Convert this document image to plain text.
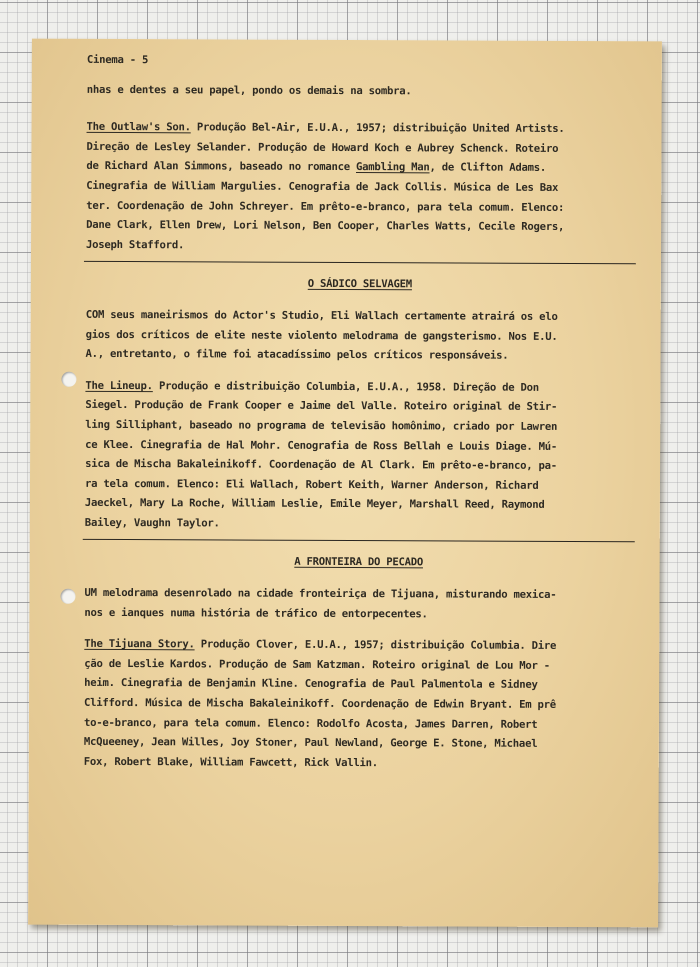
Cinema - 5
nhas e dentes a seu papel, pondo os demais na sombra.
The Outlaw's Son. Produção Bel-Air, E.U.A., 1957; distribuição United Artists.
Direção de Lesley Selander. Produção de Howard Koch e Aubrey Schenck. Roteiro
de Richard Alan Simmons, baseado no romance Gambling Man, de Clifton Adams.
Cinegrafia de William Margulies. Cenografia de Jack Collis. Música de Les Bax
ter. Coordenação de John Schreyer. Em prêto-e-branco, para tela comum. Elenco:
Dane Clark, Ellen Drew, Lori Nelson, Ben Cooper, Charles Watts, Cecile Rogers,
Joseph Stafford.
O SÁDICO SELVAGEM
COM seus maneirismos do Actor's Studio, Eli Wallach certamente atrairá os elo
gios dos críticos de elite neste violento melodrama de gangsterismo. Nos E.U.
A., entretanto, o filme foi atacadíssimo pelos críticos responsáveis.
The Lineup. Produção e distribuição Columbia, E.U.A., 1958. Direção de Don
Siegel. Produção de Frank Cooper e Jaime del Valle. Roteiro original de Stir-
ling Silliphant, baseado no programa de televisão homônimo, criado por Lawren
ce Klee. Cinegrafia de Hal Mohr. Cenografia de Ross Bellah e Louis Diage. Mú-
sica de Mischa Bakaleinikoff. Coordenação de Al Clark. Em prêto-e-branco, pa-
ra tela comum. Elenco: Eli Wallach, Robert Keith, Warner Anderson, Richard
Jaeckel, Mary La Roche, William Leslie, Emile Meyer, Marshall Reed, Raymond
Bailey, Vaughn Taylor.
A FRONTEIRA DO PECADO
UM melodrama desenrolado na cidade fronteiriça de Tijuana, misturando mexica-
nos e ianques numa história de tráfico de entorpecentes.
The Tijuana Story. Produção Clover, E.U.A., 1957; distribuição Columbia. Dire
ção de Leslie Kardos. Produção de Sam Katzman. Roteiro original de Lou Mor -
heim. Cinegrafia de Benjamin Kline. Cenografia de Paul Palmentola e Sidney
Clifford. Música de Mischa Bakaleinikoff. Coordenação de Edwin Bryant. Em prê
to-e-branco, para tela comum. Elenco: Rodolfo Acosta, James Darren, Robert
McQueeney, Jean Willes, Joy Stoner, Paul Newland, George E. Stone, Michael
Fox, Robert Blake, William Fawcett, Rick Vallin.
